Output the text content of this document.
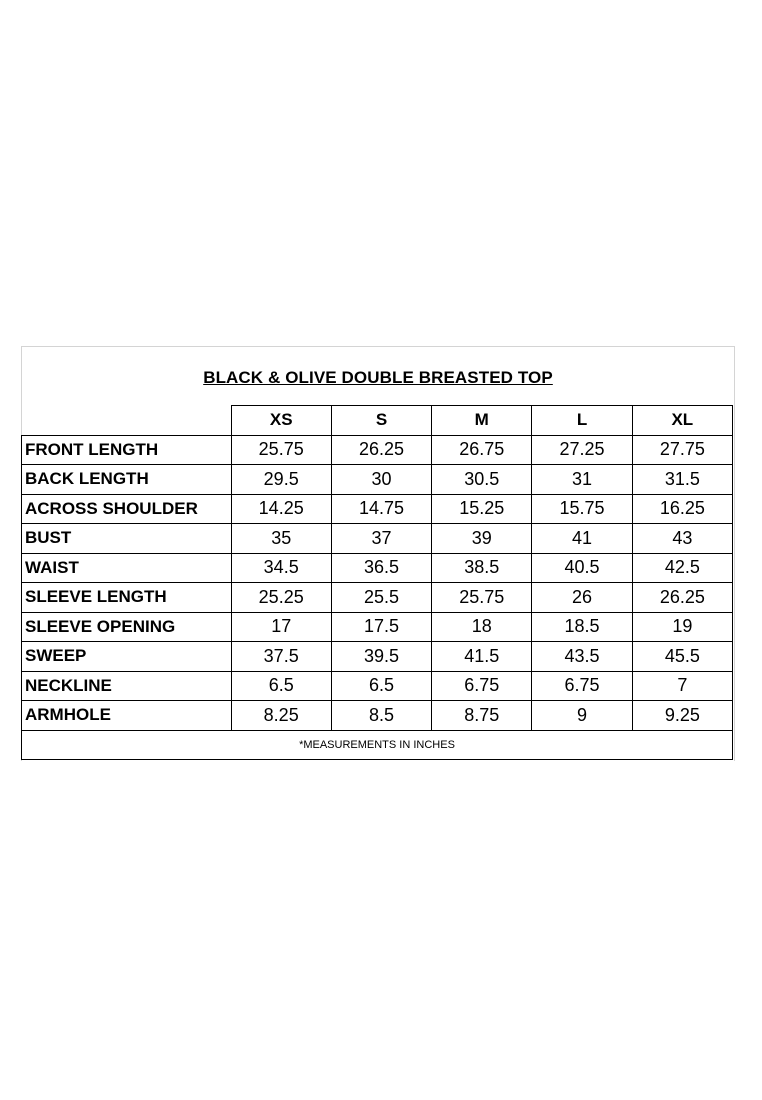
BLACK & OLIVE DOUBLE BREASTED TOP
	XS	S	M	L	XL
FRONT LENGTH	25.75	26.25	26.75	27.25	27.75
BACK LENGTH	29.5	30	30.5	31	31.5
ACROSS SHOULDER	14.25	14.75	15.25	15.75	16.25
BUST	35	37	39	41	43
WAIST	34.5	36.5	38.5	40.5	42.5
SLEEVE LENGTH	25.25	25.5	25.75	26	26.25
SLEEVE OPENING	17	17.5	18	18.5	19
SWEEP	37.5	39.5	41.5	43.5	45.5
NECKLINE	6.5	6.5	6.75	6.75	7
ARMHOLE	8.25	8.5	8.75	9	9.25
*MEASUREMENTS IN INCHES					
